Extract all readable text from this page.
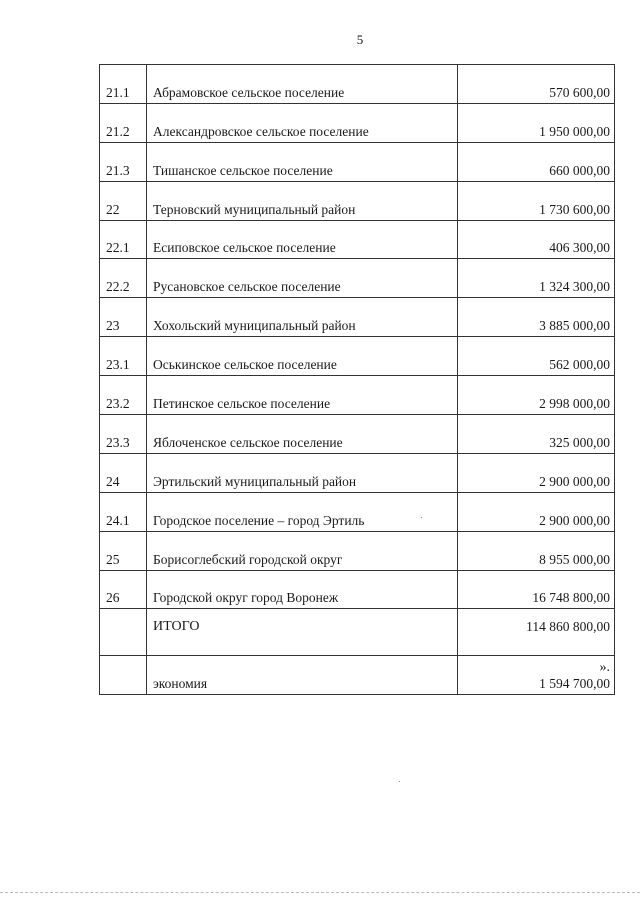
5
21.1	Абрамовское сельское поселение	570 600,00
21.2	Александровское сельское поселение	1 950 000,00
21.3	Тишанское сельское поселение	660 000,00
22	Терновский муниципальный район	1 730 600,00
22.1	Есиповское сельское поселение	406 300,00
22.2	Русановское сельское поселение	1 324 300,00
23	Хохольский муниципальный район	3 885 000,00
23.1	Оськинское сельское поселение	562 000,00
23.2	Петинское сельское поселение	2 998 000,00
23.3	Яблоченское сельское поселение	325 000,00
24	Эртильский муниципальный район	2 900 000,00
24.1	Городское поселение – город Эртиль	2 900 000,00
25	Борисоглебский городской округ	8 955 000,00
26	Городской округ город Воронеж	16 748 800,00
	ИТОГО	114 860 800,00
	экономия	1 594 700,00
».
